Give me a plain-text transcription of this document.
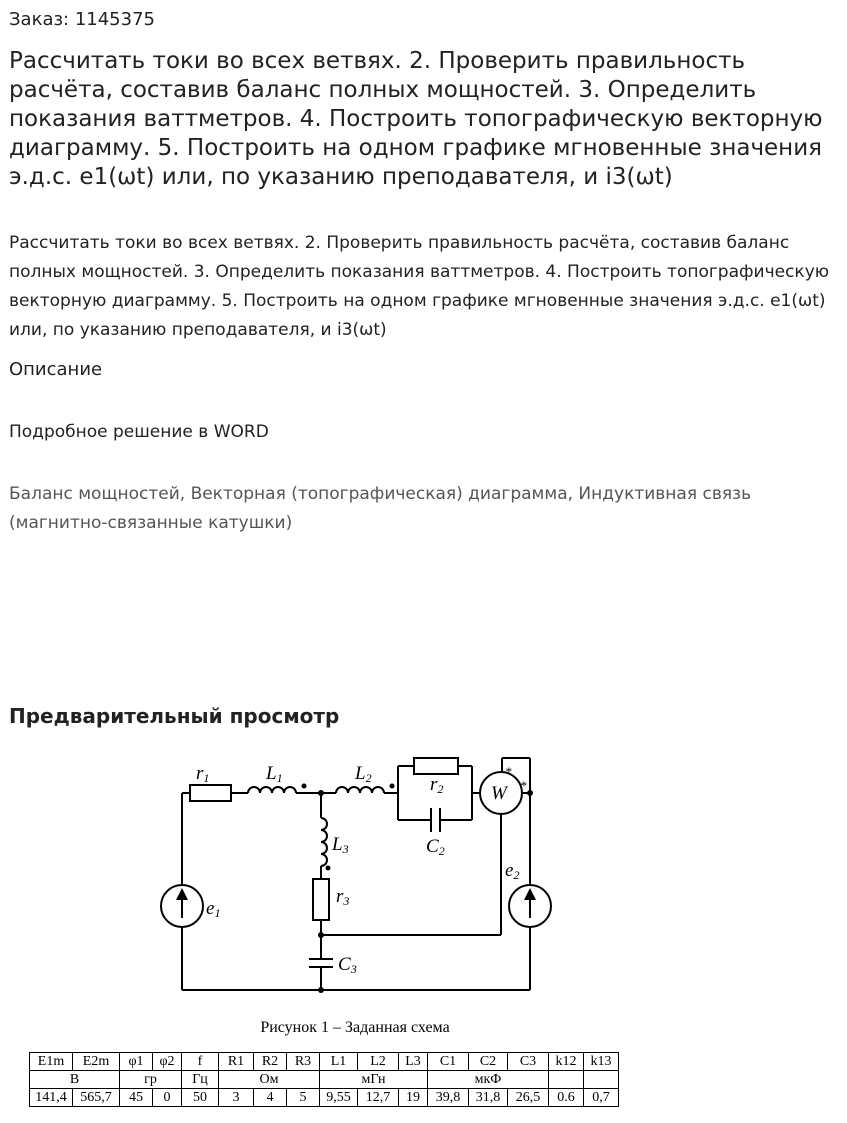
Заказ: 1145375
Рассчитать токи во всех ветвях. 2. Проверить правильность расчёта, составив баланс полных мощностей. 3. Определить показания ваттметров. 4. Построить топографическую векторную диаграмму. 5. Построить на одном графике мгновенные значения э.д.с. e1(ωt) или, по указанию преподавателя, и i3(ωt)

Рассчитать токи во всех ветвях. 2. Проверить правильность расчёта, составив баланс полных мощностей. 3. Определить показания ваттметров. 4. Построить топографическую векторную диаграмму. 5. Построить на одном графике мгновенные значения э.д.с. e1(ωt) или, по указанию преподавателя, и i3(ωt)

Описание
Подробное решение в WORD
Баланс мощностей, Векторная (топографическая) диаграмма, Индуктивная связь (магнитно-связанные катушки)
Предварительный просмотр
r1	L1	L2	r2
C2
W
*
*
L3
r3
C3
e1
e2
Рисунок 1 – Заданная схема
E1m	E2m	φ1	φ2	f	R1	R2	R3	L1	L2	L3	C1	C2	C3	k12	k13
В		гр		Гц	Ом			мГн			мкФ				
141,4	565,7	45	0	50	3	4	5	9,55	12,7	19	39,8	31,8	26,5	0.6	0,7
